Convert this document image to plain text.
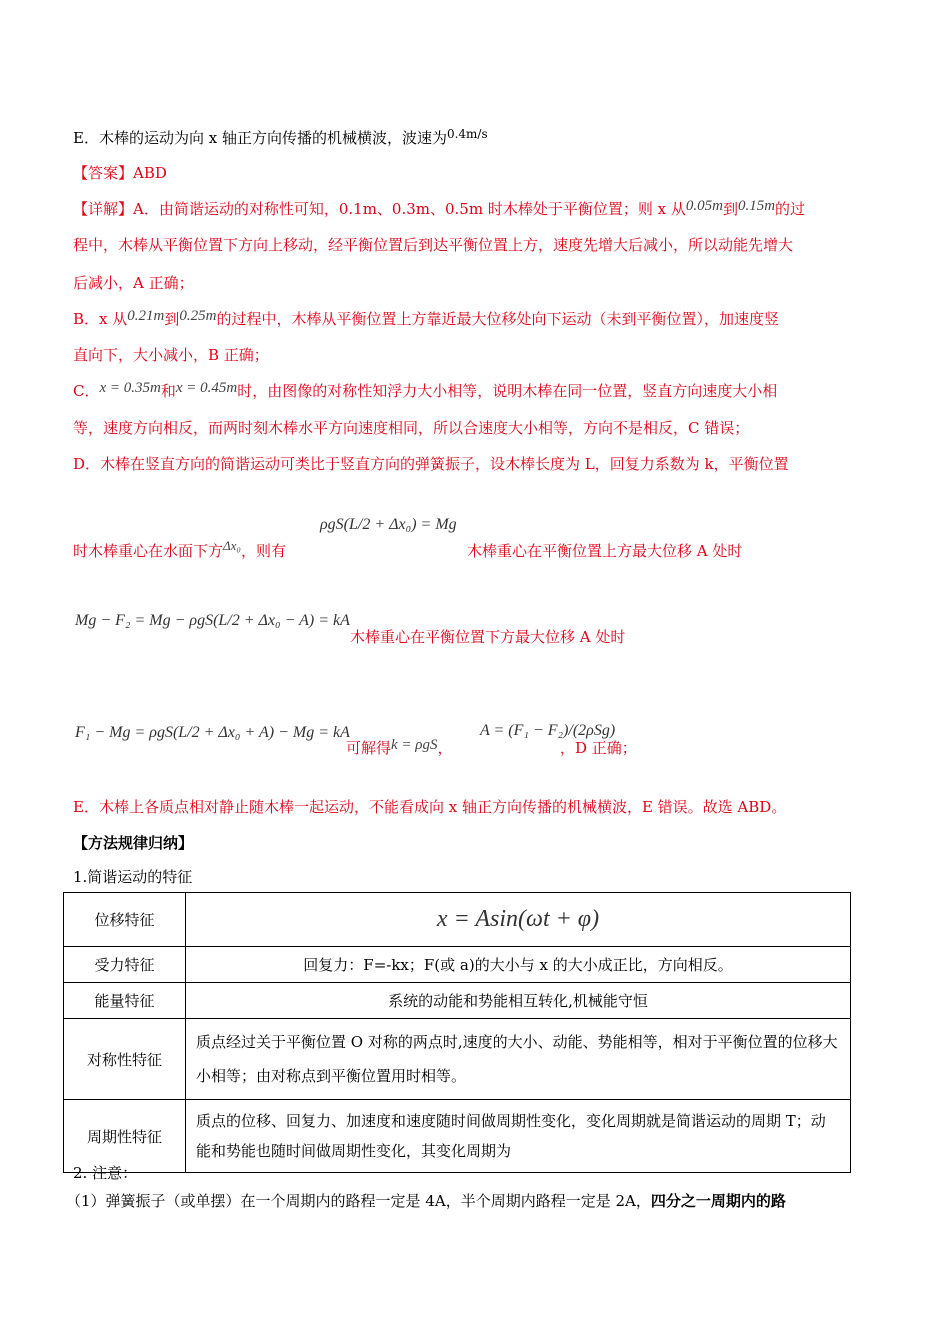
E．木棒的运动为向 x 轴正方向传播的机械横波，波速为$^{0.4m/s}$
【答案】ABD
【详解】A．由简谐运动的对称性可知，0.1m、0.3m、0.5m 时木棒处于平衡位置；则 x 从0.05m到0.15m的过
程中，木棒从平衡位置下方向上移动，经平衡位置后到达平衡位置上方，速度先增大后减小，所以动能先增大
后减小，A 正确；
B．x 从0.21m到0.25m的过程中，木棒从平衡位置上方靠近最大位移处向下运动（未到平衡位置），加速度竖
直向下，大小减小，B 正确；
C．x = 0.35m和x = 0.45m时，由图像的对称性知浮力大小相等，说明木棒在同一位置，竖直方向速度大小相
等，速度方向相反，而两时刻木棒水平方向速度相同，所以合速度大小相等，方向不是相反，C 错误；
D．木棒在竖直方向的简谐运动可类比于竖直方向的弹簧振子，设木棒长度为 L，回复力系数为 k，平衡位置
时木棒重心在水面下方Δx₀，则有
ρgS(L/2 + Δx₀) = Mg
木棒重心在平衡位置上方最大位移 A 处时
Mg − F₂ = Mg − ρgS(L/2 + Δx₀ − A) = kA
木棒重心在平衡位置下方最大位移 A 处时
F₁ − Mg = ρgS(L/2 + Δx₀ + A) − Mg = kA
可解得k = ρgS，
A = (F₁ − F₂)/(2ρSg)
，D 正确；
E．木棒上各质点相对静止随木棒一起运动，不能看成向 x 轴正方向传播的机械横波，E 错误。故选 ABD。
【方法规律归纳】
1.简谐运动的特征
位移特征	x = Asin(ωt + φ)
受力特征	回复力：F=-kx；F(或 a)的大小与 x 的大小成正比，方向相反。
能量特征	系统的动能和势能相互转化,机械能守恒
对称性特征	质点经过关于平衡位置 O 对称的两点时,速度的大小、动能、势能相等，相对于平衡位置的位移大小相等；由对称点到平衡位置用时相等。
周期性特征	质点的位移、回复力、加速度和速度随时间做周期性变化，变化周期就是简谐运动的周期 T；动能和势能也随时间做周期性变化，其变化周期为
2. 注意：
（1）弹簧振子（或单摆）在一个周期内的路程一定是 4A，半个周期内路程一定是 2A，四分之一周期内的路
